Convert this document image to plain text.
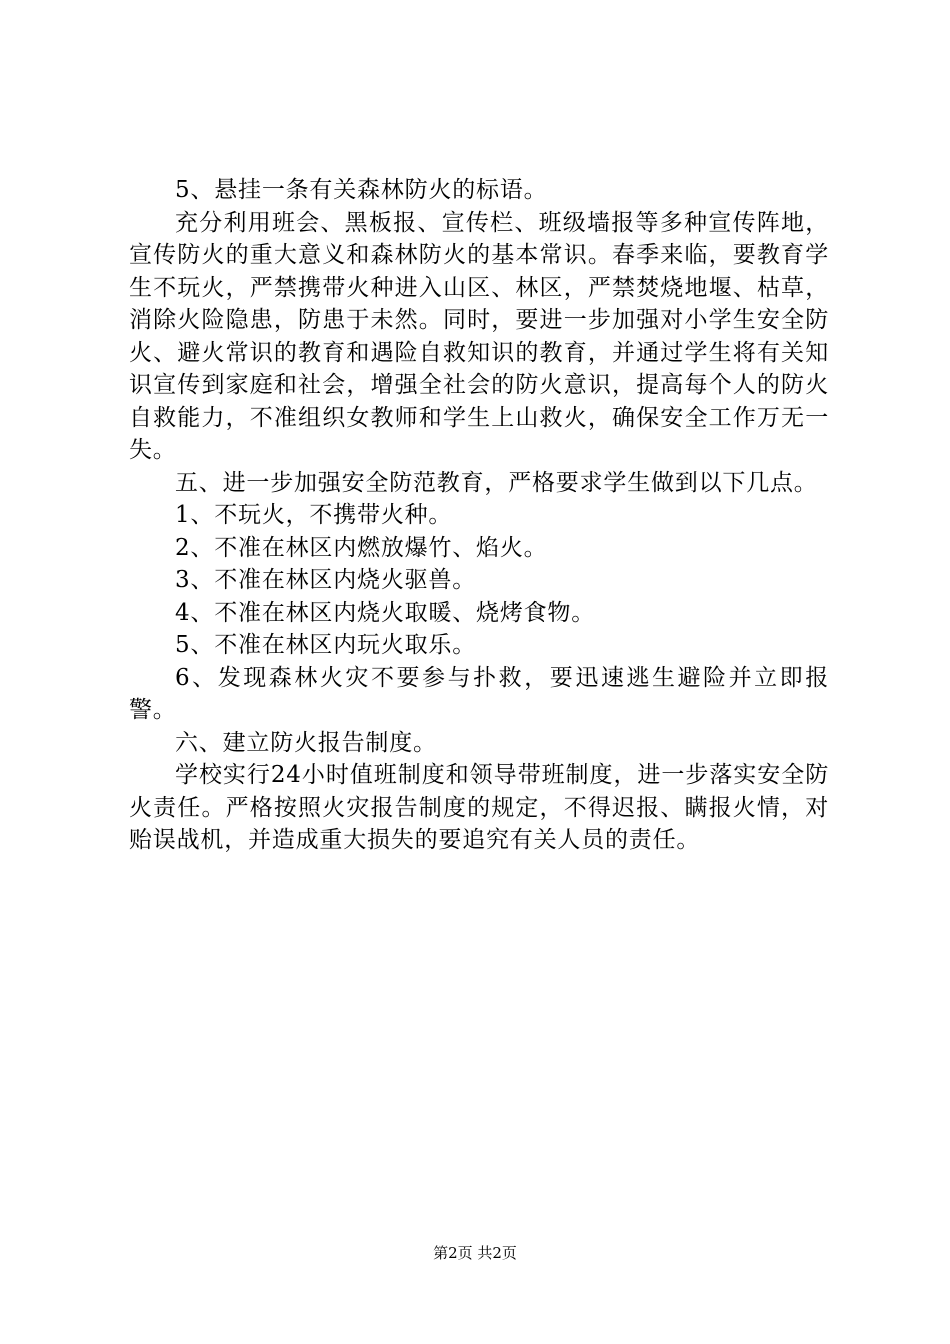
5、悬挂一条有关森林防火的标语。

充分利用班会、黑板报、宣传栏、班级墙报等多种宣传阵地，宣传防火的重大意义和森林防火的基本常识。春季来临，要教育学生不玩火，严禁携带火种进入山区、林区，严禁焚烧地堰、枯草，消除火险隐患，防患于未然。同时，要进一步加强对小学生安全防火、避火常识的教育和遇险自救知识的教育，并通过学生将有关知识宣传到家庭和社会，增强全社会的防火意识，提高每个人的防火自救能力，不准组织女教师和学生上山救火，确保安全工作万无一失。

五、进一步加强安全防范教育，严格要求学生做到以下几点。

1、不玩火，不携带火种。

2、不准在林区内燃放爆竹、焰火。

3、不准在林区内烧火驱兽。

4、不准在林区内烧火取暖、烧烤食物。

5、不准在林区内玩火取乐。

6、发现森林火灾不要参与扑救，要迅速逃生避险并立即报警。

六、建立防火报告制度。

学校实行24小时值班制度和领导带班制度，进一步落实安全防火责任。严格按照火灾报告制度的规定，不得迟报、瞒报火情，对贻误战机，并造成重大损失的要追究有关人员的责任。

第2页 共2页
